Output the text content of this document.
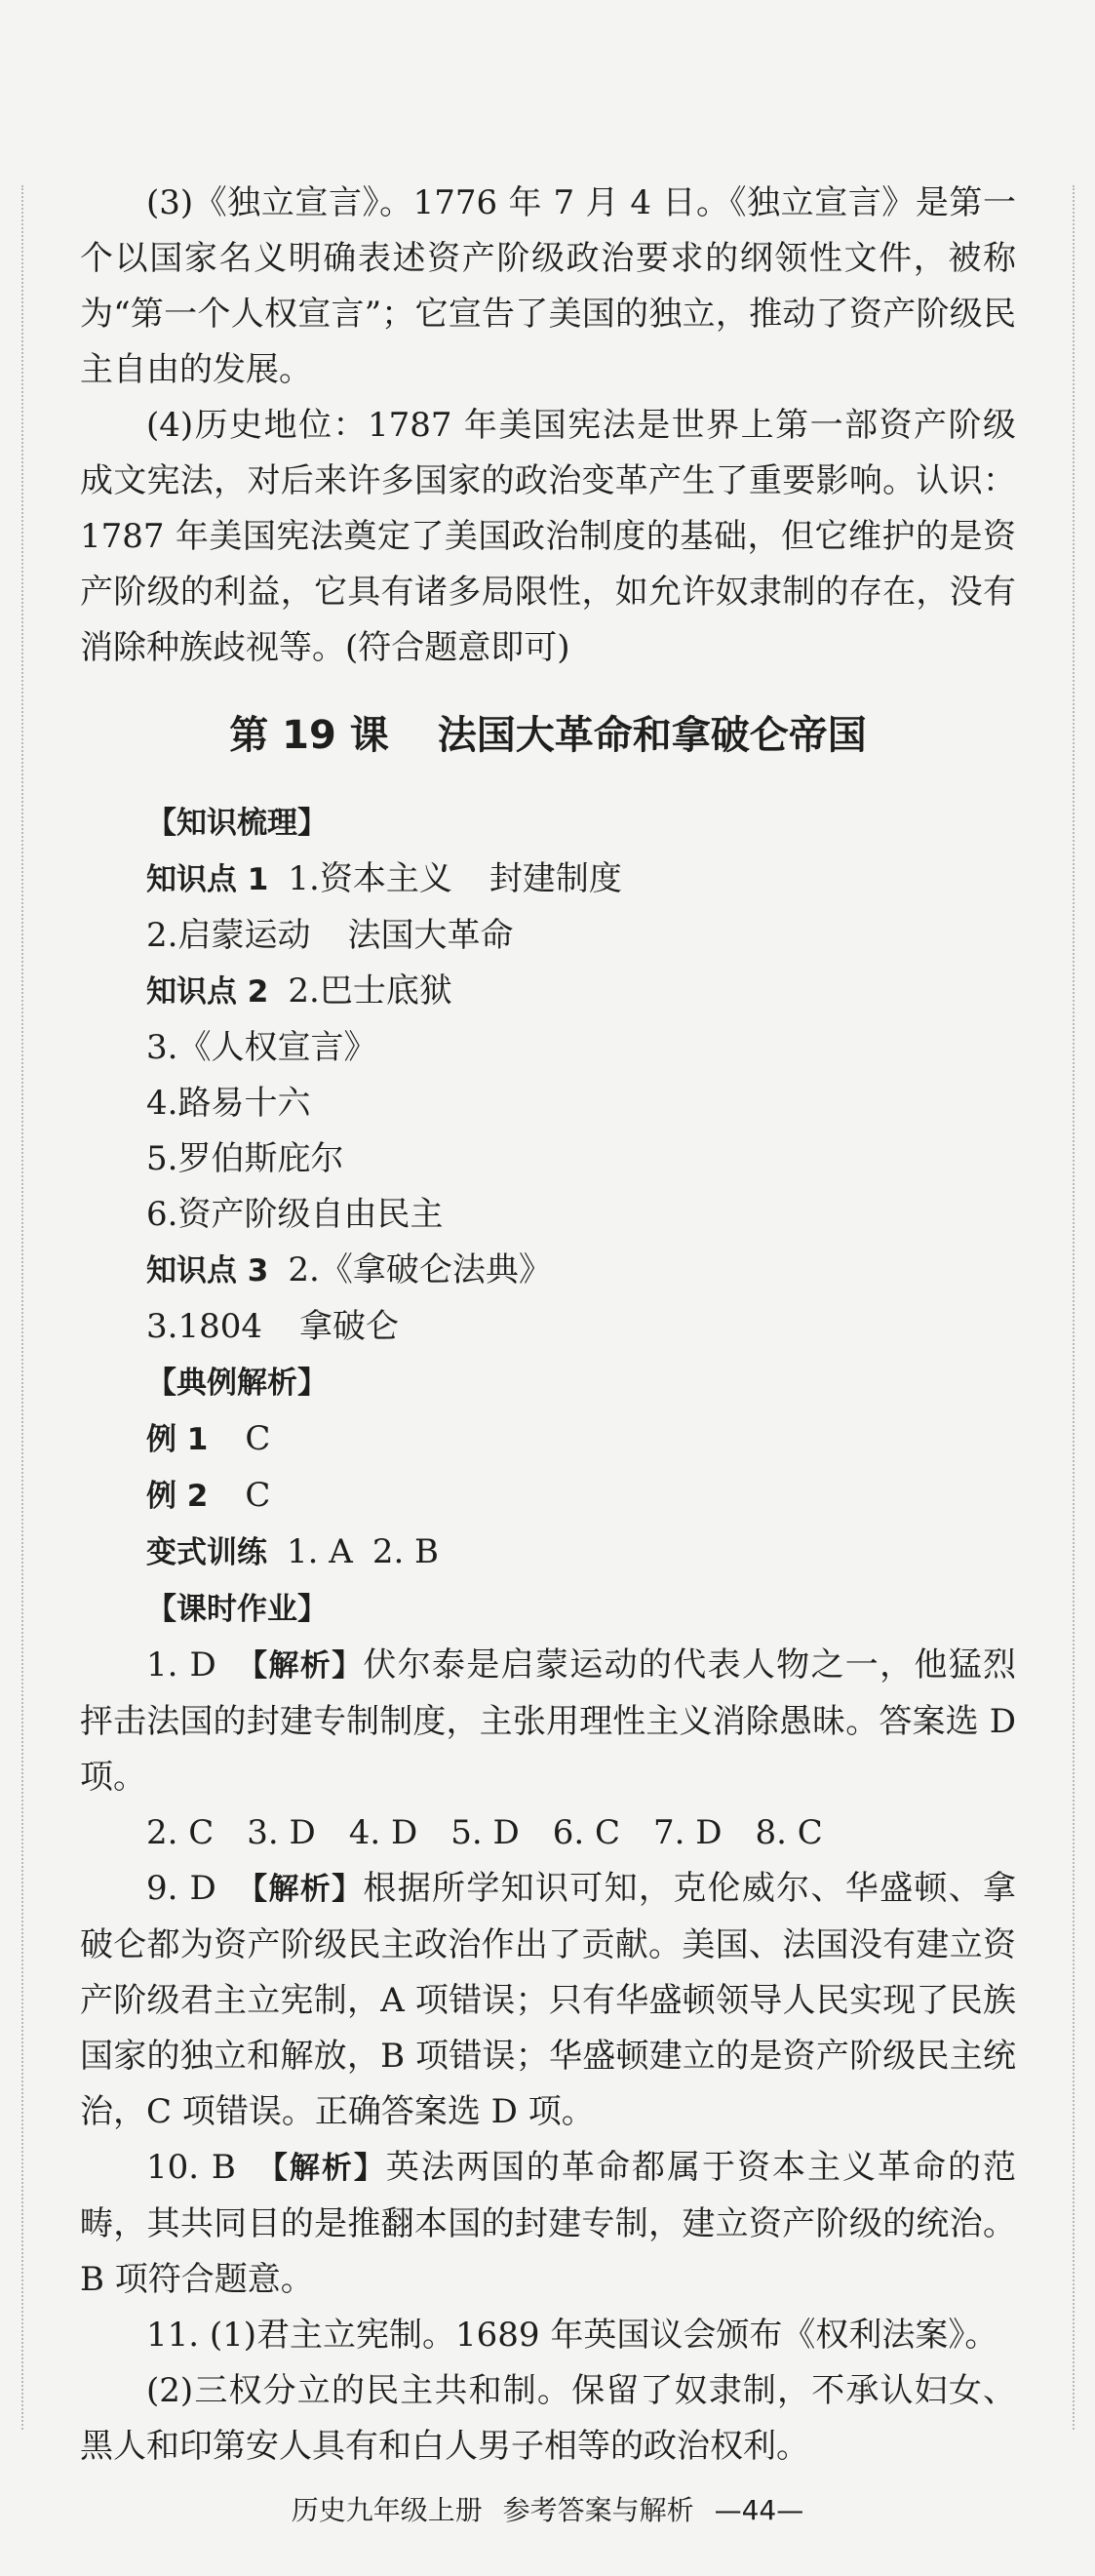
(3)《独立宣言》。1776 年 7 月 4 日。《独立宣言》是第一个以国家名义明确表述资产阶级政治要求的纲领性文件，被称为“第一个人权宣言”；它宣告了美国的独立，推动了资产阶级民主自由的发展。

(4)历史地位：1787 年美国宪法是世界上第一部资产阶级成文宪法，对后来许多国家的政治变革产生了重要影响。认识：1787 年美国宪法奠定了美国政治制度的基础，但它维护的是资产阶级的利益，它具有诸多局限性，如允许奴隶制的存在，没有消除种族歧视等。(符合题意即可)

第 19 课 法国大革命和拿破仑帝国
【知识梳理】
知识点 1 1.资本主义 封建制度
2.启蒙运动 法国大革命
知识点 2 2.巴士底狱
3.《人权宣言》
4.路易十六
5.罗伯斯庇尔
6.资产阶级自由民主
知识点 3 2.《拿破仑法典》
3.1804 拿破仑
【典例解析】
例 1 C
例 2 C
变式训练 1. A 2. B
【课时作业】

1. D 【解析】伏尔泰是启蒙运动的代表人物之一，他猛烈抨击法国的封建专制制度，主张用理性主义消除愚昧。答案选 D 项。

2. C　3. D　4. D　5. D　6. C　7. D　8. C

9. D 【解析】根据所学知识可知，克伦威尔、华盛顿、拿破仑都为资产阶级民主政治作出了贡献。美国、法国没有建立资产阶级君主立宪制，A 项错误；只有华盛顿领导人民实现了民族国家的独立和解放，B 项错误；华盛顿建立的是资产阶级民主统治，C 项错误。正确答案选 D 项。

10. B 【解析】英法两国的革命都属于资本主义革命的范畴，其共同目的是推翻本国的封建专制，建立资产阶级的统治。B 项符合题意。

11. (1)君主立宪制。1689 年英国议会颁布《权利法案》。

(2)三权分立的民主共和制。保留了奴隶制，不承认妇女、黑人和印第安人具有和白人男子相等的政治权利。

历史九年级上册 参考答案与解析 —44—
